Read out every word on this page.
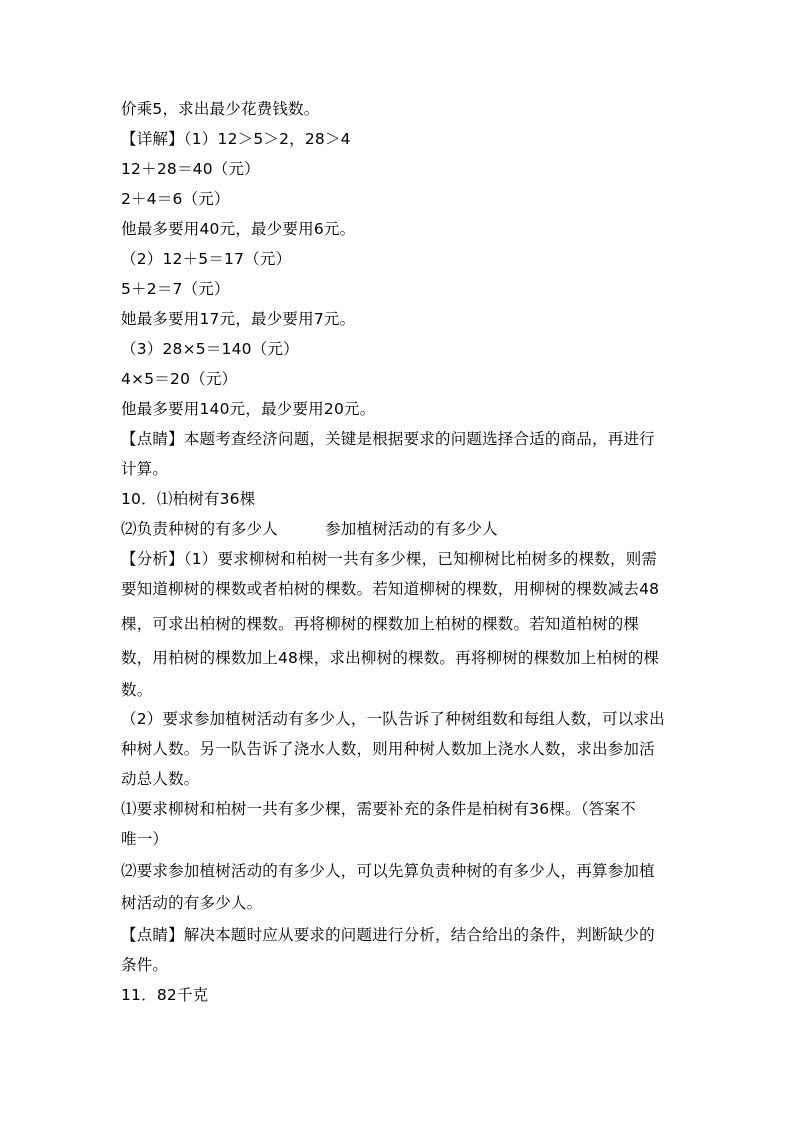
价乘5，求出最少花费钱数。
【详解】（1）12＞5＞2，28＞4
12＋28＝40（元）
2＋4＝6（元）
他最多要用40元，最少要用6元。
（2）12＋5＝17（元）
5＋2＝7（元）
她最多要用17元，最少要用7元。
（3）28×5＝140（元）
4×5＝20（元）
他最多要用140元，最少要用20元。
【点睛】本题考查经济问题，关键是根据要求的问题选择合适的商品，再进行
计算。
10．⑴柏树有36棵
⑵负责种树的有多少人　　　参加植树活动的有多少人
【分析】（1）要求柳树和柏树一共有多少棵，已知柳树比柏树多的棵数，则需
要知道柳树的棵数或者柏树的棵数。若知道柳树的棵数，用柳树的棵数减去48
棵，可求出柏树的棵数。再将柳树的棵数加上柏树的棵数。若知道柏树的棵
数，用柏树的棵数加上48棵，求出柳树的棵数。再将柳树的棵数加上柏树的棵
数。
（2）要求参加植树活动有多少人，一队告诉了种树组数和每组人数，可以求出
种树人数。另一队告诉了浇水人数，则用种树人数加上浇水人数，求出参加活
动总人数。
⑴要求柳树和柏树一共有多少棵，需要补充的条件是柏树有36棵。（答案不
唯一）
⑵要求参加植树活动的有多少人，可以先算负责种树的有多少人，再算参加植
树活动的有多少人。
【点睛】解决本题时应从要求的问题进行分析，结合给出的条件，判断缺少的
条件。
11．82千克
